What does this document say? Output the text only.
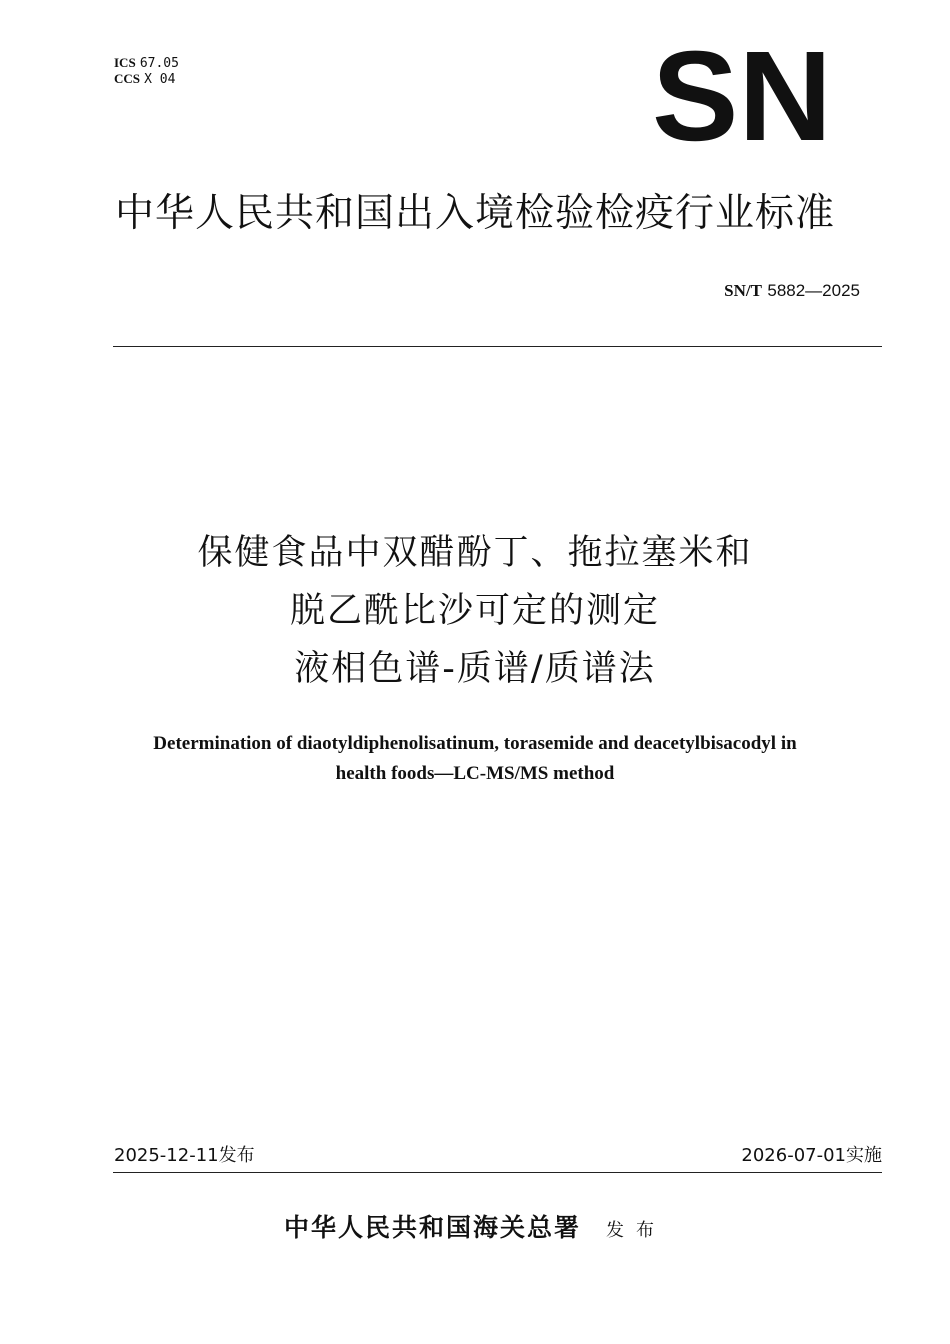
ICS 67.05
CCS X 04	SN
中华人民共和国出入境检验检疫行业标准
SN/T 5882—2025
保健食品中双醋酚丁、拖拉塞米和
脱乙酰比沙可定的测定
液相色谱-质谱/质谱法
Determination of diaotyldiphenolisatinum, torasemide and deacetylbisacodyl in
health foods—LC-MS/MS method
2025-12-11发布	2026-07-01实施
中华人民共和国海关总署 发布
